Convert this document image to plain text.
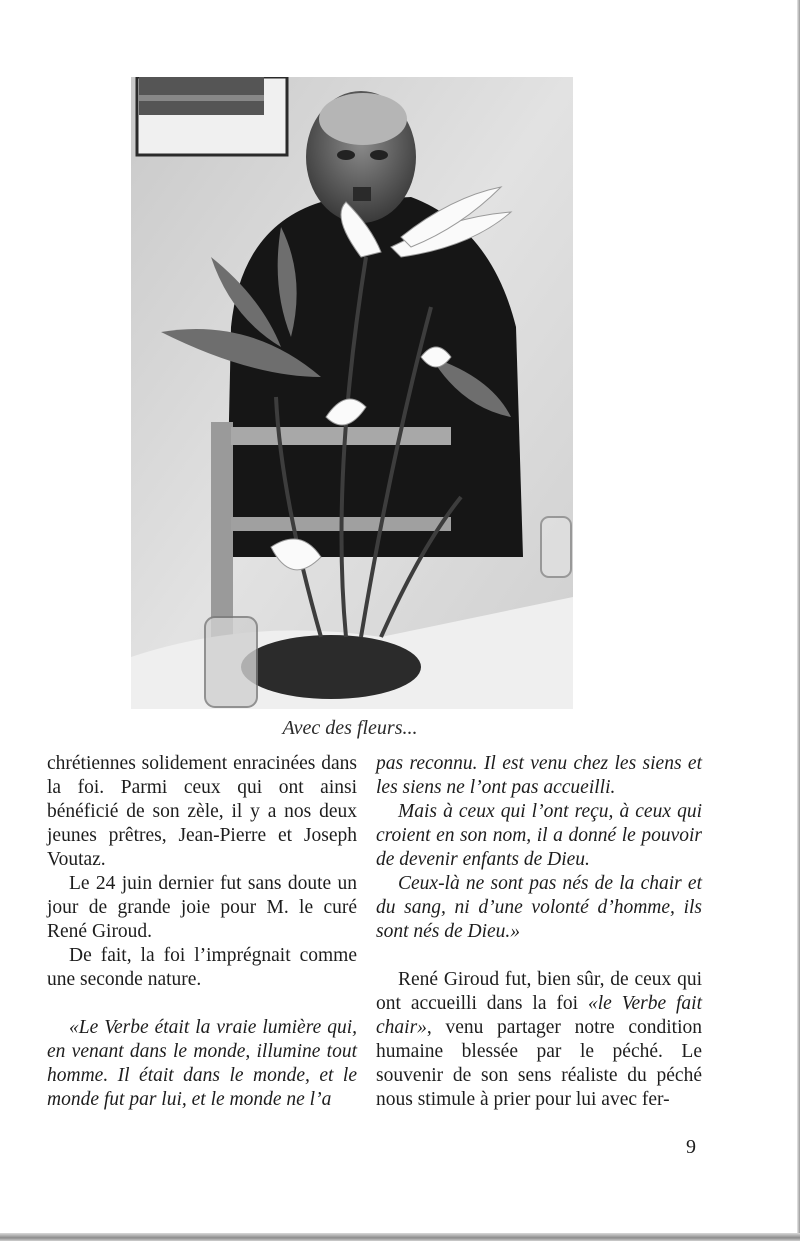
Avec des fleurs...

chrétiennes solidement enracinées dans la foi. Parmi ceux qui ont ainsi bénéficié de son zèle, il y a nos deux jeunes prêtres, Jean-Pierre et Joseph Voutaz.

Le 24 juin dernier fut sans doute un jour de grande joie pour M. le curé René Giroud.

De fait, la foi l’imprégnait comme une seconde nature.

«Le Verbe était la vraie lumière qui, en venant dans le monde, illumine tout homme. Il était dans le monde, et le monde fut par lui, et le monde ne l’a

pas reconnu. Il est venu chez les siens et les siens ne l’ont pas accueilli.

Mais à ceux qui l’ont reçu, à ceux qui croient en son nom, il a donné le pouvoir de devenir enfants de Dieu.

Ceux-là ne sont pas nés de la chair et du sang, ni d’une volonté d’homme, ils sont nés de Dieu.»

René Giroud fut, bien sûr, de ceux qui ont accueilli dans la foi «le Verbe fait chair», venu partager notre condition humaine blessée par le péché. Le souvenir de son sens réaliste du péché nous stimule à prier pour lui avec fer-

9
